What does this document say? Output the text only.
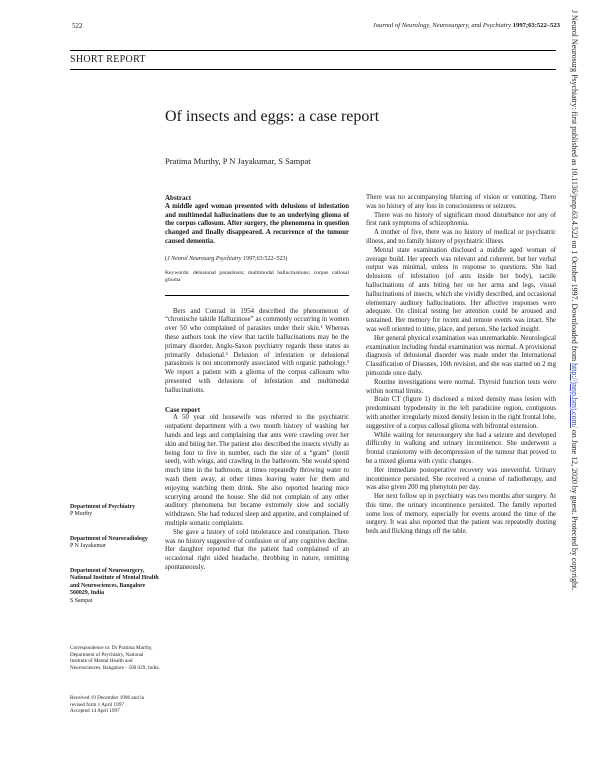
522	Journal of Neurology, Neurosurgery, and Psychiatry 1997;63:522–523
SHORT REPORT
Of insects and eggs: a case report
Pratima Murthy, P N Jayakumar, S Sampat

Abstract

A middle aged woman presented with delusions of infestation and multimodal hallucinations due to an underlying glioma of the corpus callosum. After surgery, the phenomena in question changed and finally disappeared. A recurrence of the tumour caused dementia.

(J Neurol Neurosurg Psychiatry 1997;63:522–523)

Keywords: delusional parasitosis; multimodal hallucinations; corpus callosal glioma

Bers and Conrad in 1954 described the phenomenon of “chronische taktile Halluzinose” as commonly occurring in women over 50 who complained of parasites under their skin.¹ Whereas these authors took the view that tactile hallucinations may be the primary disorder, Anglo-Saxon psychiatry regards these states as primarily delusional.² Delusion of infestation or delusional parasitosis is not uncommonly associated with organic pathology.³ We report a patient with a glioma of the corpus callosum who presented with delusions of infestation and multimodal hallucinations.

Case report

A 50 year old housewife was referred to the psychiatric outpatient department with a two month history of washing her hands and legs and complaining that ants were crawling over her skin and biting her. The patient also described the insects vividly as being four to five in number, each the size of a “gram” (lentil seed), with wings, and crawling in the bathroom. She would spend much time in the bathroom, at times repeatedly throwing water to wash them away, at other times leaving water for them and enjoying watching them drink. She also reported hearing mice scurrying around the house. She did not complain of any other auditory phenomena but became extremely slow and socially withdrawn. She had reduced sleep and appetite, and complained of multiple somatic complaints.

She gave a history of cold intolerance and constipation. There was no history suggestive of confusion or of any cognitive decline. Her daughter reported that the patient had complained of an occasional right sided headache, throbbing in nature, remitting spontaneously.

There was no accompanying blurring of vision or vomiting. There was no history of any loss in consciousness or seizures.

There was no history of significant mood disturbance nor any of first rank symptoms of schizophrenia.

A mother of five, there was no history of medical or psychiatric illness, and no family history of psychiatric illness.

Mental state examination disclosed a middle aged woman of average build. Her speech was relevant and coherent, but her verbal output was minimal, unless in response to questions. She had delusions of infestation (of ants inside her body), tactile hallucinations of ants biting her on her arms and legs, visual hallucinations of insects, which she vividly described, and occasional elementary auditory hallucinations. Her affective responses were adequate. On clinical testing her attention could be aroused and sustained. Her memory for recent and remote events was intact. She was well oriented to time, place, and person. She lacked insight.

Her general physical examination was unremarkable. Neurological examination including fundal examination was normal. A provisional diagnosis of delusional disorder was made under the International Classification of Diseases, 10th revision, and she was started on 2 mg pimozide once daily.

Routine investigations were normal. Thyroid function tests were within normal limits.

Brain CT (figure 1) disclosed a mixed density mass lesion with predominant hypodensity in the left paradicine region, contiguous with another irregularly mixed density lesion in the right frontal lobe, suggestive of a corpus callosal glioma with bifrontal extension.

While waiting for neurosurgery she had a seizure and developed difficulty in walking and urinary incontinence. She underwent a frontal craniotomy with decompression of the tumour that proved to be a mixed glioma with cystic changes.

Her immediate postoperative recovery was uneventful. Urinary incontinence persisted. She received a course of radiotherapy, and was also given 200 mg phenytoin per day.

Her next follow up in psychiatry was two months after surgery. At this time, the urinary incontinence persisted. The family reported some loss of memory, especially for events around the time of the surgery. It was also reported that the patient was repeatedly dusting beds and flicking things off the table.

Department of Psychiatry
P Murthy
Department of Neuroradiology
P N Jayakumar
Department of Neurosurgery, National Institute of Mental Health and Neurosciences, Bangalore 560029, India
S Sampat
Correspondence to: Dr Pratima Murthy, Department of Psychiatry, National Institute of Mental Health and Neurosciences, Bangalore - 560 029, India.
Received 19 December 1996 and in revised form 1 April 1997
Accepted 14 April 1997
J Neurol Neurosurg Psychiatry: first published as 10.1136/jnnp.63.4.522 on 1 October 1997. Downloaded from http://jnnp.bmj.com/ on June 12, 2020 by guest. Protected by copyright.
